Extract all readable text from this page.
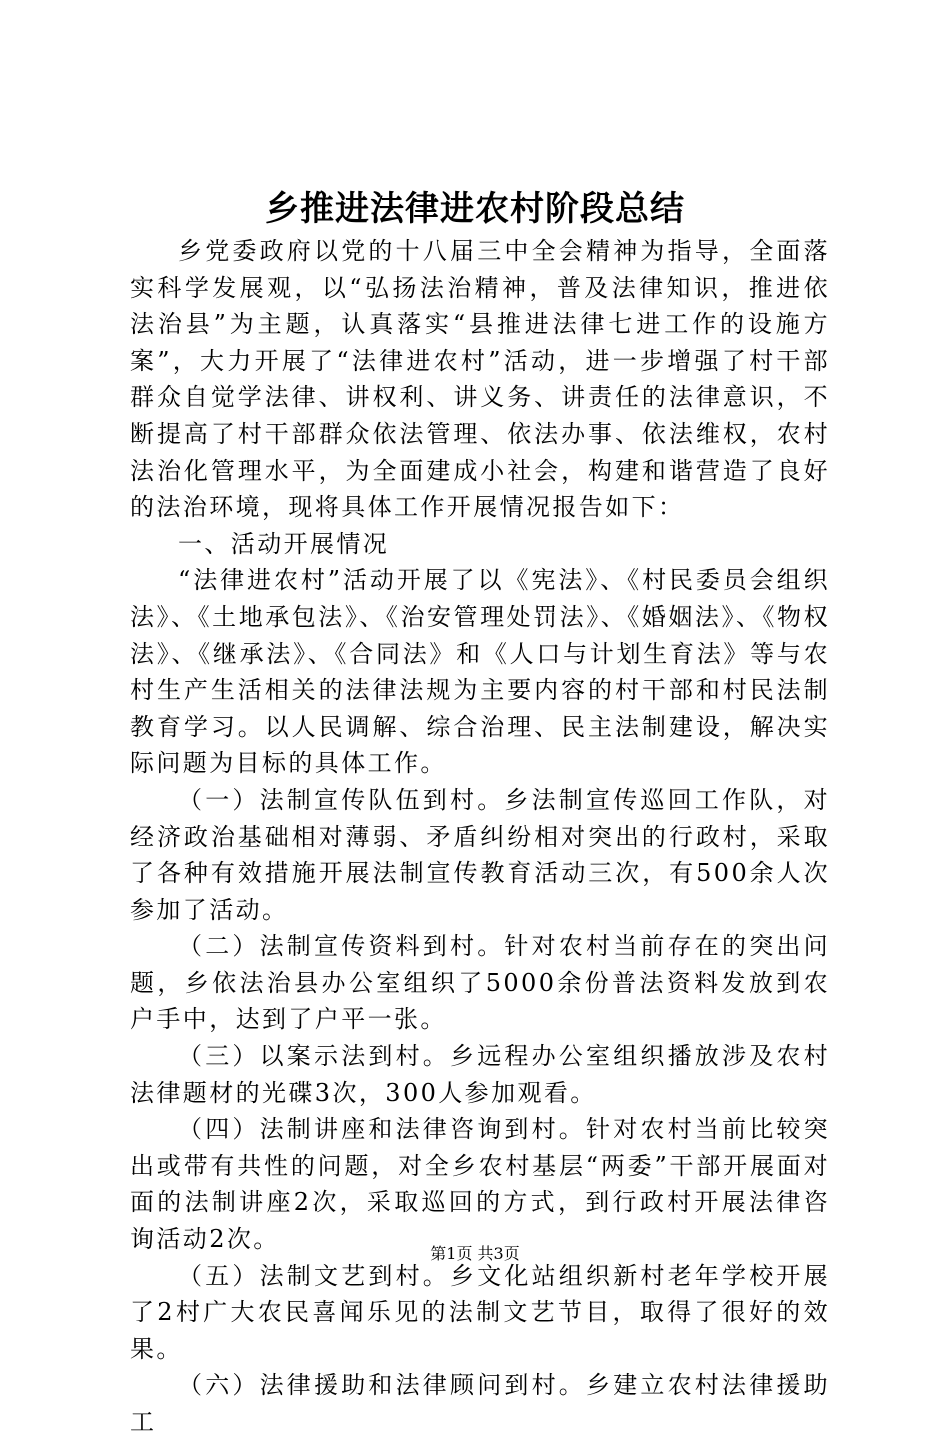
乡推进法律进农村阶段总结

乡党委政府以党的十八届三中全会精神为指导，全面落实科学发展观，以“弘扬法治精神，普及法律知识，推进依法治县”为主题，认真落实“县推进法律七进工作的设施方案”，大力开展了“法律进农村”活动，进一步增强了村干部群众自觉学法律、讲权利、讲义务、讲责任的法律意识，不断提高了村干部群众依法管理、依法办事、依法维权，农村法治化管理水平，为全面建成小社会，构建和谐营造了良好的法治环境，现将具体工作开展情况报告如下：

一、活动开展情况

“法律进农村”活动开展了以《宪法》、《村民委员会组织法》、《土地承包法》、《治安管理处罚法》、《婚姻法》、《物权法》、《继承法》、《合同法》和《人口与计划生育法》等与农村生产生活相关的法律法规为主要内容的村干部和村民法制教育学习。以人民调解、综合治理、民主法制建设，解决实际问题为目标的具体工作。

（一）法制宣传队伍到村。乡法制宣传巡回工作队，对经济政治基础相对薄弱、矛盾纠纷相对突出的行政村，采取了各种有效措施开展法制宣传教育活动三次，有500余人次参加了活动。

（二）法制宣传资料到村。针对农村当前存在的突出问题，乡依法治县办公室组织了5000余份普法资料发放到农户手中，达到了户平一张。

（三）以案示法到村。乡远程办公室组织播放涉及农村法律题材的光碟3次，300人参加观看。

（四）法制讲座和法律咨询到村。针对农村当前比较突出或带有共性的问题，对全乡农村基层“两委”干部开展面对面的法制讲座2次，采取巡回的方式，到行政村开展法律咨询活动2次。

（五）法制文艺到村。乡文化站组织新村老年学校开展了2村广大农民喜闻乐见的法制文艺节目，取得了很好的效果。

（六）法律援助和法律顾问到村。乡建立农村法律援助工

第1页 共3页
